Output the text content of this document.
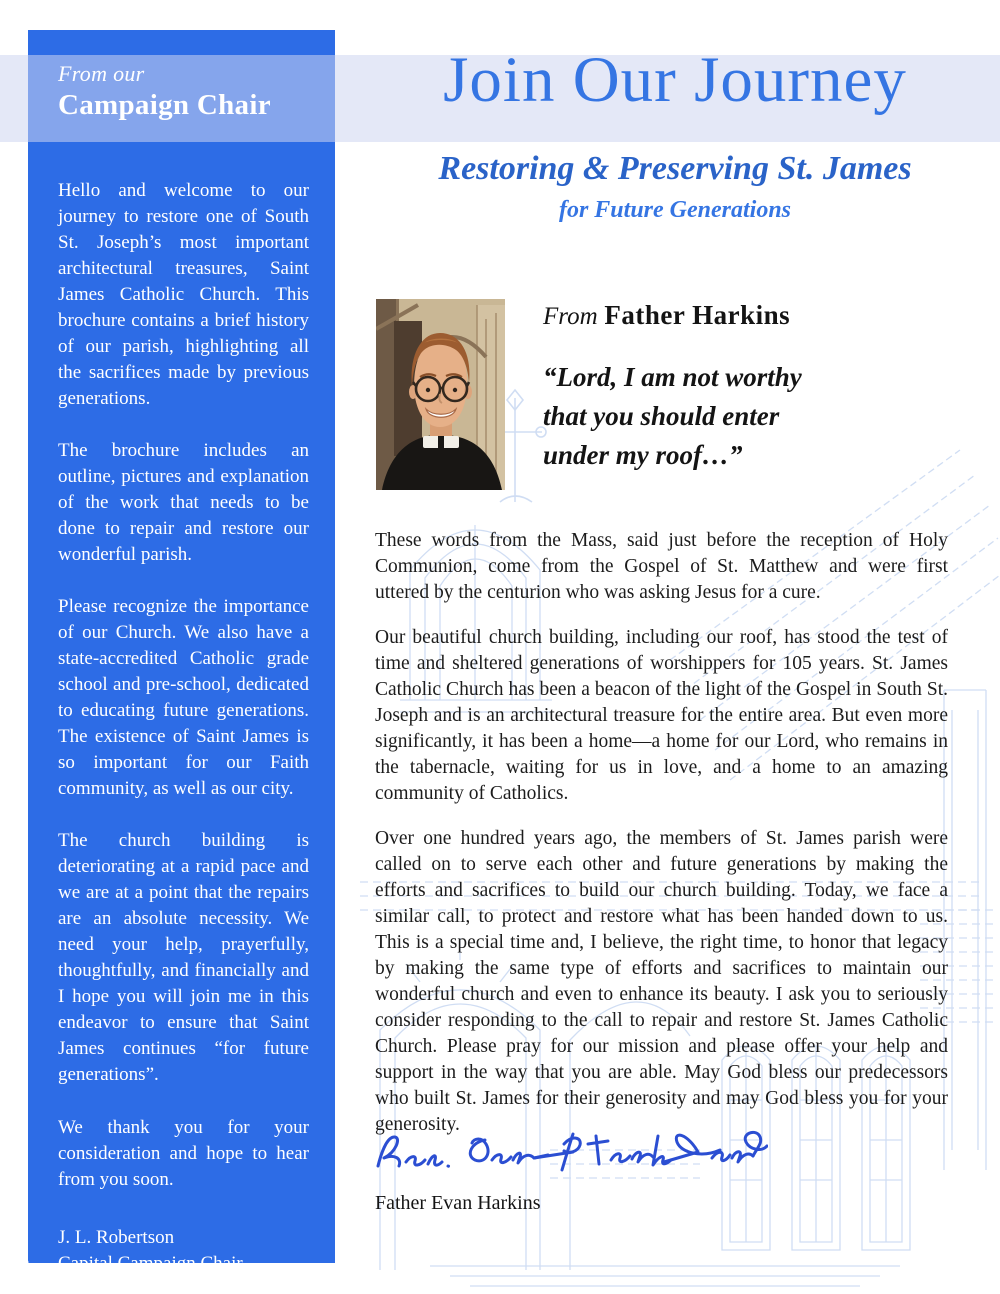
From our
Campaign Chair

Hello and welcome to our journey to restore one of South St. Joseph’s most important architectural treasures, Saint James Catholic Church. This brochure contains a brief history of our parish, highlighting all the sacrifices made by previous generations.

The brochure includes an outline, pictures and explanation of the work that needs to be done to repair and restore our wonderful parish.

Please recognize the importance of our Church. We also have a state-accredited Catholic grade school and pre-school, dedicated to educating future generations. The existence of Saint James is so important for our Faith community, as well as our city.

The church building is deteriorating at a rapid pace and we are at a point that the repairs are an absolute necessity. We need your help, prayerfully, thoughtfully, and financially and I hope you will join me in this endeavor to ensure that Saint James continues “for future generations”.

We thank you for your consideration and hope to hear from you soon.

J. L. Robertson
Capital Campaign Chair
2
Join Our Journey
Restoring & Preserving St. James
for Future Generations
From Father Harkins
“Lord, I am not worthy
that you should enter
under my roof…”

These words from the Mass, said just before the reception of Holy Communion, come from the Gospel of St. Matthew and were first uttered by the centurion who was asking Jesus for a cure.

Our beautiful church building, including our roof, has stood the test of time and sheltered generations of worshippers for 105 years. St. James Catholic Church has been a beacon of the light of the Gospel in South St. Joseph and is an architectural treasure for the entire area. But even more significantly, it has been a home—a home for our Lord, who remains in the tabernacle, waiting for us in love, and a home to an amazing community of Catholics.

Over one hundred years ago, the members of St. James parish were called on to serve each other and future generations by making the efforts and sacrifices to build our church building. Today, we face a similar call, to protect and restore what has been handed down to us. This is a special time and, I believe, the right time, to honor that legacy by making the same type of efforts and sacrifices to maintain our wonderful church and even to enhance its beauty. I ask you to seriously consider responding to the call to repair and restore St. James Catholic Church. Please pray for our mission and please offer your help and support in the way that you are able. May God bless our predecessors who built St. James for their generosity and may God bless you for your generosity.

Father Evan Harkins
